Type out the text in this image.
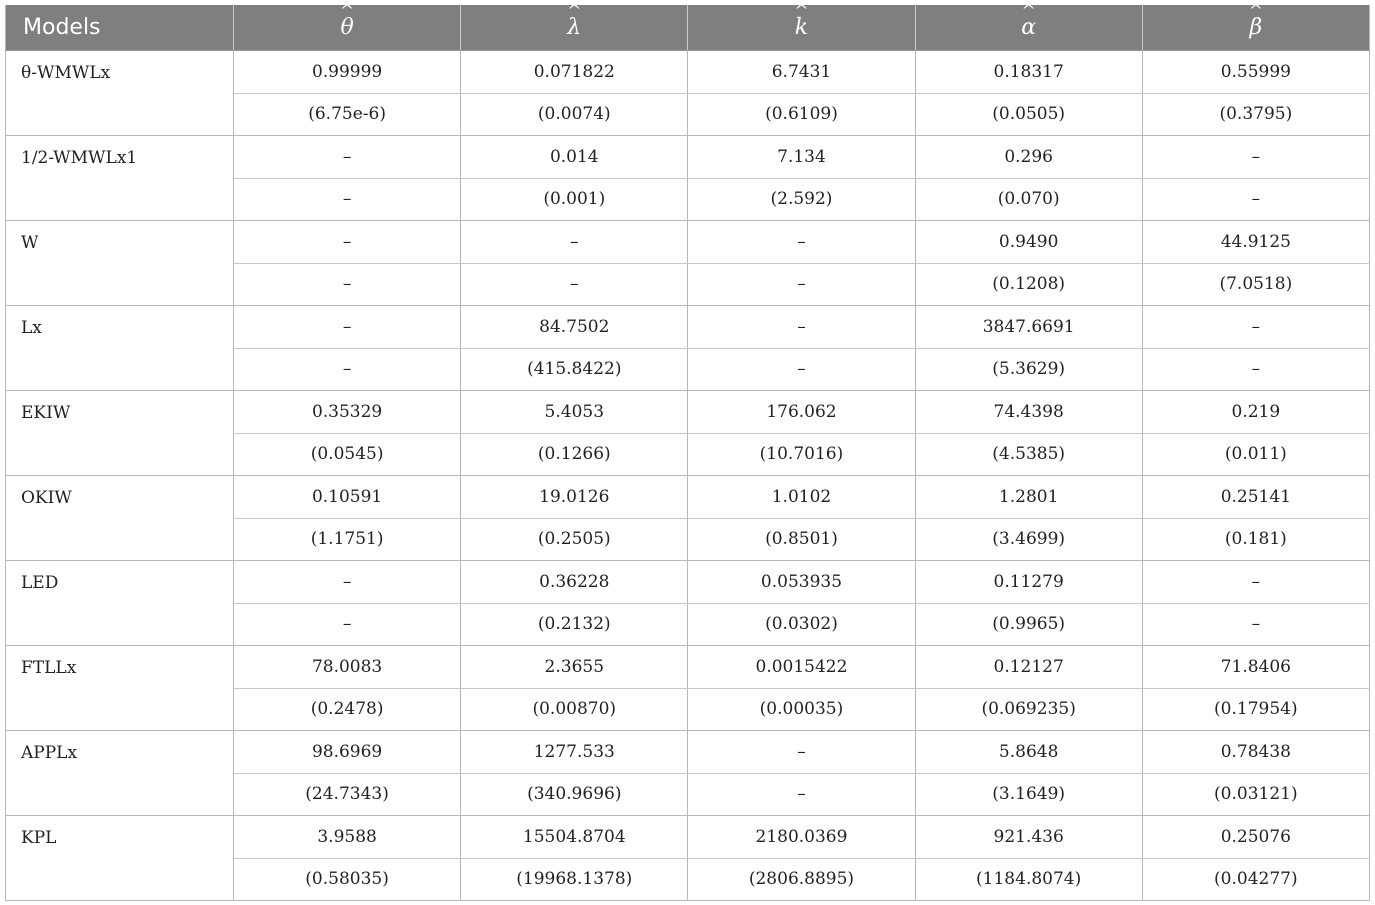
Models	^ θ	^ λ	^ k	^ α	^ β
θ-WMWLx	0.99999	0.071822	6.7431	0.18317	0.55999
	(6.75e-6)	(0.0074)	(0.6109)	(0.0505)	(0.3795)
1/2-WMWLx1	–	0.014	7.134	0.296	–
	–	(0.001)	(2.592)	(0.070)	–
W	–	–	–	0.9490	44.9125
	–	–	–	(0.1208)	(7.0518)
Lx	–	84.7502	–	3847.6691	–
	–	(415.8422)	–	(5.3629)	–
EKIW	0.35329	5.4053	176.062	74.4398	0.219
	(0.0545)	(0.1266)	(10.7016)	(4.5385)	(0.011)
OKIW	0.10591	19.0126	1.0102	1.2801	0.25141
	(1.1751)	(0.2505)	(0.8501)	(3.4699)	(0.181)
LED	–	0.36228	0.053935	0.11279	–
	–	(0.2132)	(0.0302)	(0.9965)	–
FTLLx	78.0083	2.3655	0.0015422	0.12127	71.8406
	(0.2478)	(0.00870)	(0.00035)	(0.069235)	(0.17954)
APPLx	98.6969	1277.533	–	5.8648	0.78438
	(24.7343)	(340.9696)	–	(3.1649)	(0.03121)
KPL	3.9588	15504.8704	2180.0369	921.436	0.25076
	(0.58035)	(19968.1378)	(2806.8895)	(1184.8074)	(0.04277)
